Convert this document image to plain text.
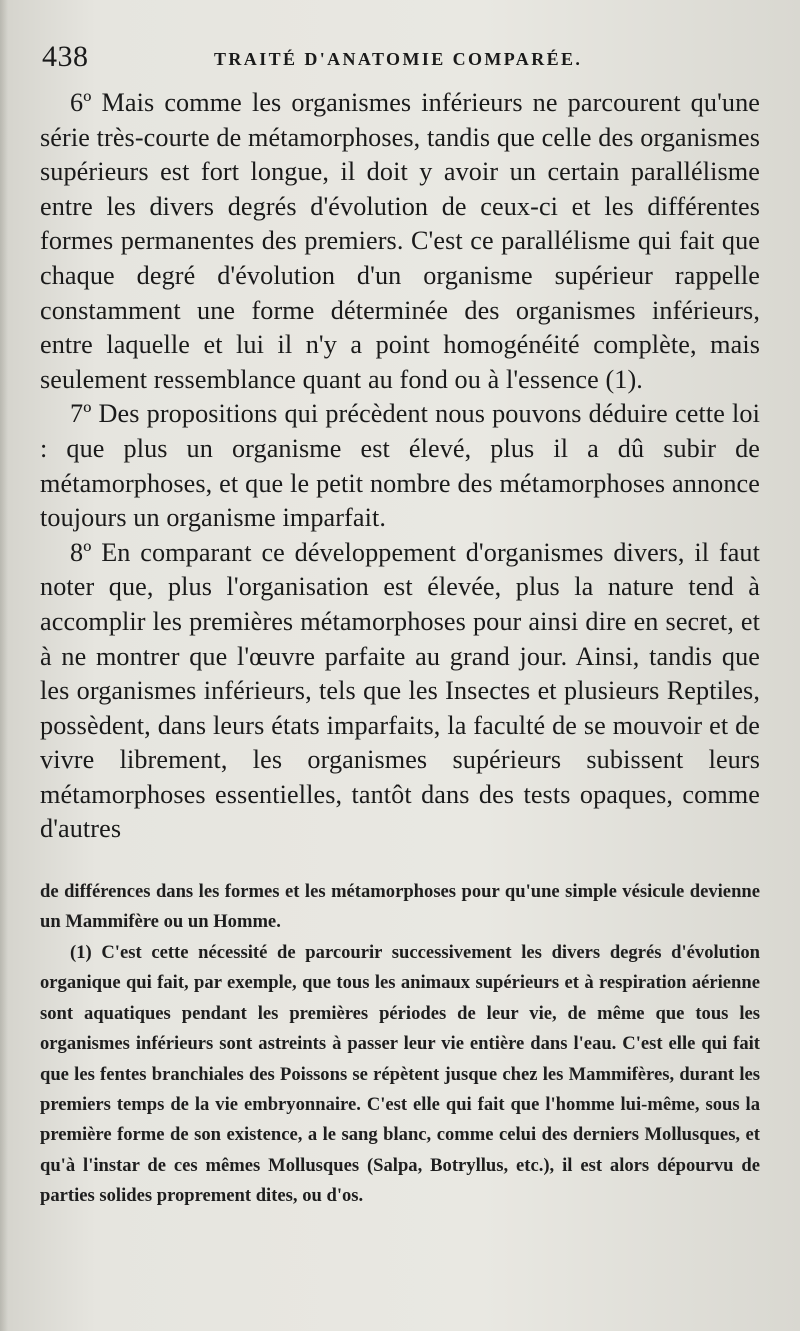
438	TRAITÉ D'ANATOMIE COMPARÉE.

6º Mais comme les organismes inférieurs ne parcourent qu'une série très-courte de métamorphoses, tandis que celle des organismes supérieurs est fort longue, il doit y avoir un certain parallélisme entre les divers degrés d'évolution de ceux-ci et les différentes formes permanentes des premiers. C'est ce parallélisme qui fait que chaque degré d'évolution d'un organisme supérieur rappelle constamment une forme déterminée des organismes inférieurs, entre laquelle et lui il n'y a point homogénéité complète, mais seulement ressemblance quant au fond ou à l'essence (1).

7º Des propositions qui précèdent nous pouvons déduire cette loi : que plus un organisme est élevé, plus il a dû subir de métamorphoses, et que le petit nombre des métamorphoses annonce toujours un organisme imparfait.

8º En comparant ce développement d'organismes divers, il faut noter que, plus l'organisation est élevée, plus la nature tend à accomplir les premières métamorphoses pour ainsi dire en secret, et à ne montrer que l'œuvre parfaite au grand jour. Ainsi, tandis que les organismes inférieurs, tels que les Insectes et plusieurs Reptiles, possèdent, dans leurs états imparfaits, la faculté de se mouvoir et de vivre librement, les organismes supérieurs subissent leurs métamorphoses essentielles, tantôt dans des tests opaques, comme d'autres

de différences dans les formes et les métamorphoses pour qu'une simple vésicule devienne un Mammifère ou un Homme.

(1) C'est cette nécessité de parcourir successivement les divers degrés d'évolution organique qui fait, par exemple, que tous les animaux supérieurs et à respiration aérienne sont aquatiques pendant les premières périodes de leur vie, de même que tous les organismes inférieurs sont astreints à passer leur vie entière dans l'eau. C'est elle qui fait que les fentes branchiales des Poissons se répètent jusque chez les Mammifères, durant les premiers temps de la vie embryonnaire. C'est elle qui fait que l'homme lui-même, sous la première forme de son existence, a le sang blanc, comme celui des derniers Mollusques, et qu'à l'instar de ces mêmes Mollusques (Salpa, Botryllus, etc.), il est alors dépourvu de parties solides proprement dites, ou d'os.
